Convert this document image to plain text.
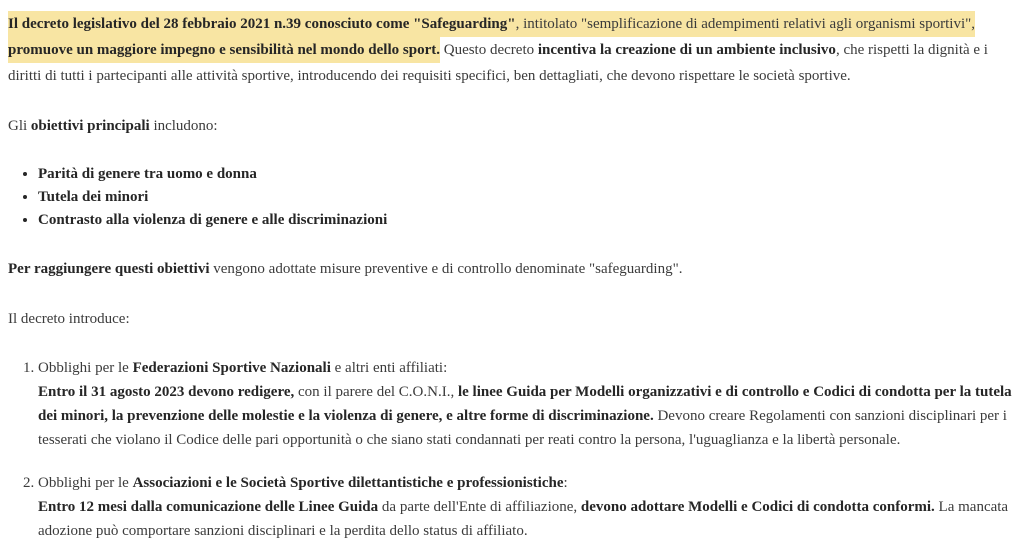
Il decreto legislativo del 28 febbraio 2021 n.39 conosciuto come "Safeguarding", intitolato "semplificazione di adempimenti relativi agli organismi sportivi", promuove un maggiore impegno e sensibilità nel mondo dello sport. Questo decreto incentiva la creazione di un ambiente inclusivo, che rispetti la dignità e i diritti di tutti i partecipanti alle attività sportive, introducendo dei requisiti specifici, ben dettagliati, che devono rispettare le società sportive.

Gli obiettivi principali includono:

• Parità di genere tra uomo e donna
• Tutela dei minori
• Contrasto alla violenza di genere e alle discriminazioni

Per raggiungere questi obiettivi vengono adottate misure preventive e di controllo denominate "safeguarding".

Il decreto introduce:

1. Obblighi per le Federazioni Sportive Nazionali e altri enti affiliati:
Entro il 31 agosto 2023 devono redigere, con il parere del C.O.N.I., le linee Guida per Modelli organizzativi e di controllo e Codici di condotta per la tutela dei minori, la prevenzione delle molestie e la violenza di genere, e altre forme di discriminazione. Devono creare Regolamenti con sanzioni disciplinari per i tesserati che violano il Codice delle pari opportunità o che siano stati condannati per reati contro la persona, l'uguaglianza e la libertà personale.
2. Obblighi per le Associazioni e le Società Sportive dilettantistiche e professionistiche:
Entro 12 mesi dalla comunicazione delle Linee Guida da parte dell'Ente di affiliazione, devono adottare Modelli e Codici di condotta conformi. La mancata adozione può comportare sanzioni disciplinari e la perdita dello status di affiliato.
